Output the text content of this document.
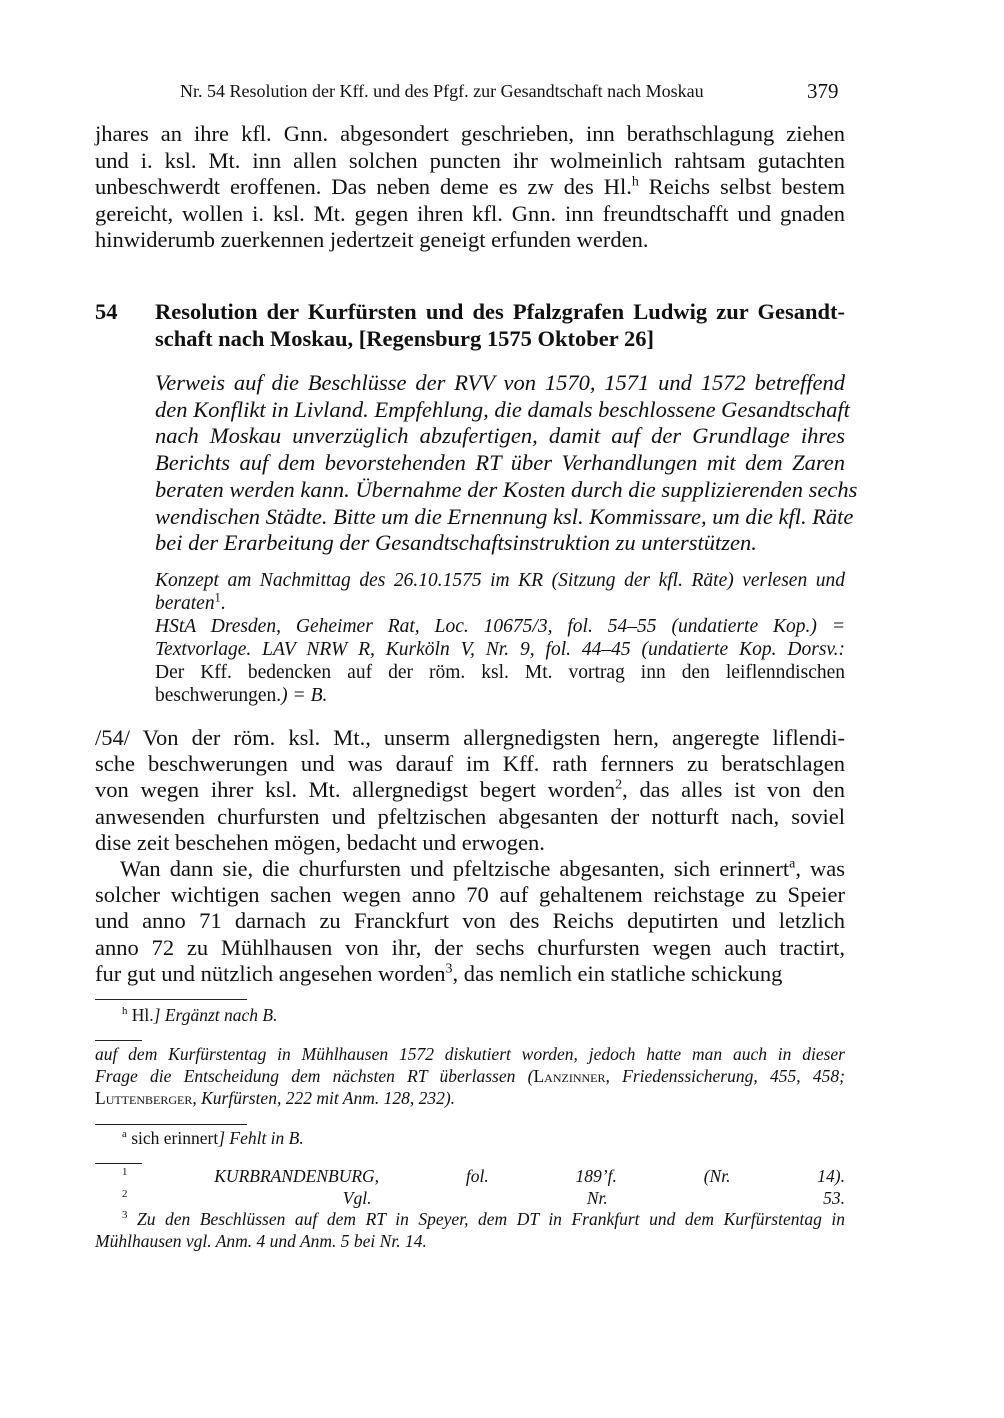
Nr. 54 Resolution der Kff. und des Pfgf. zur Gesandtschaft nach Moskau	379
54
jhares an ihre kfl. Gnn. abgesondert geschrieben, inn berathschlagung ziehen
und i. ksl. Mt. inn allen solchen puncten ihr wolmeinlich rahtsam gutachten
unbeschwerdt eroffenen. Das neben deme es zw des Hl.$^h$ Reichs selbst bestem
gereicht, wollen i. ksl. Mt. gegen ihren kfl. Gnn. inn freundtschafft und gnaden
hinwiderumb zuerkennen jedertzeit geneigt erfunden werden.
Resolution der Kurfürsten und des Pfalzgrafen Ludwig zur Gesandt-
schaft nach Moskau, [Regensburg 1575 Oktober 26]
Verweis auf die Beschlüsse der RVV von 1570, 1571 und 1572 betreffend
den Konflikt in Livland. Empfehlung, die damals beschlossene Gesandtschaft
nach Moskau unverzüglich abzufertigen, damit auf der Grundlage ihres
Berichts auf dem bevorstehenden RT über Verhandlungen mit dem Zaren
beraten werden kann. Übernahme der Kosten durch die supplizierenden sechs
wendischen Städte. Bitte um die Ernennung ksl. Kommissare, um die kfl. Räte
bei der Erarbeitung der Gesandtschaftsinstruktion zu unterstützen.
Konzept am Nachmittag des 26.10.1575 im KR (Sitzung der kfl. Räte) verlesen und
beraten$^1$.
HStA Dresden, Geheimer Rat, Loc. 10675/3, fol. 54–55 (undatierte Kop.) =
Textvorlage. LAV NRW R, Kurköln V, Nr. 9, fol. 44–45 (undatierte Kop. Dorsv.:
Der Kff. bedencken auf der röm. ksl. Mt. vortrag inn den leiflenndischen
beschwerungen.) = B.
/54/ Von der röm. ksl. Mt., unserm allergnedigsten hern, angeregte liflendi-
sche beschwerungen und was darauf im Kff. rath fernners zu beratschlagen
von wegen ihrer ksl. Mt. allergnedigst begert worden$^2$, das alles ist von den
anwesenden churfursten und pfeltzischen abgesanten der notturft nach, soviel
dise zeit beschehen mögen, bedacht und erwogen.
Wan dann sie, die churfursten und pfeltzische abgesanten, sich erinnert$^a$, was
solcher wichtigen sachen wegen anno 70 auf gehaltenem reichstage zu Speier
und anno 71 darnach zu Franckfurt von des Reichs deputirten und letzlich
anno 72 zu Mühlhausen von ihr, der sechs churfursten wegen auch tractirt,
fur gut und nützlich angesehen worden$^3$, das nemlich ein statliche schickung
$^h$ Hl.] Ergänzt nach B.
auf dem Kurfürstentag in Mühlhausen 1572 diskutiert worden, jedoch hatte man auch in dieser
Frage die Entscheidung dem nächsten RT überlassen (Lanzinner, Friedenssicherung, 455, 458;
Luttenberger, Kurfürsten, 222 mit Anm. 128, 232).
$^a$ sich erinnert] Fehlt in B.
$^1$ KURBRANDENBURG, fol. 189’f. (Nr. 14).
$^2$ Vgl. Nr. 53.
$^3$ Zu den Beschlüssen auf dem RT in Speyer, dem DT in Frankfurt und dem Kurfürstentag in
Mühlhausen vgl. Anm. 4 und Anm. 5 bei Nr. 14.
